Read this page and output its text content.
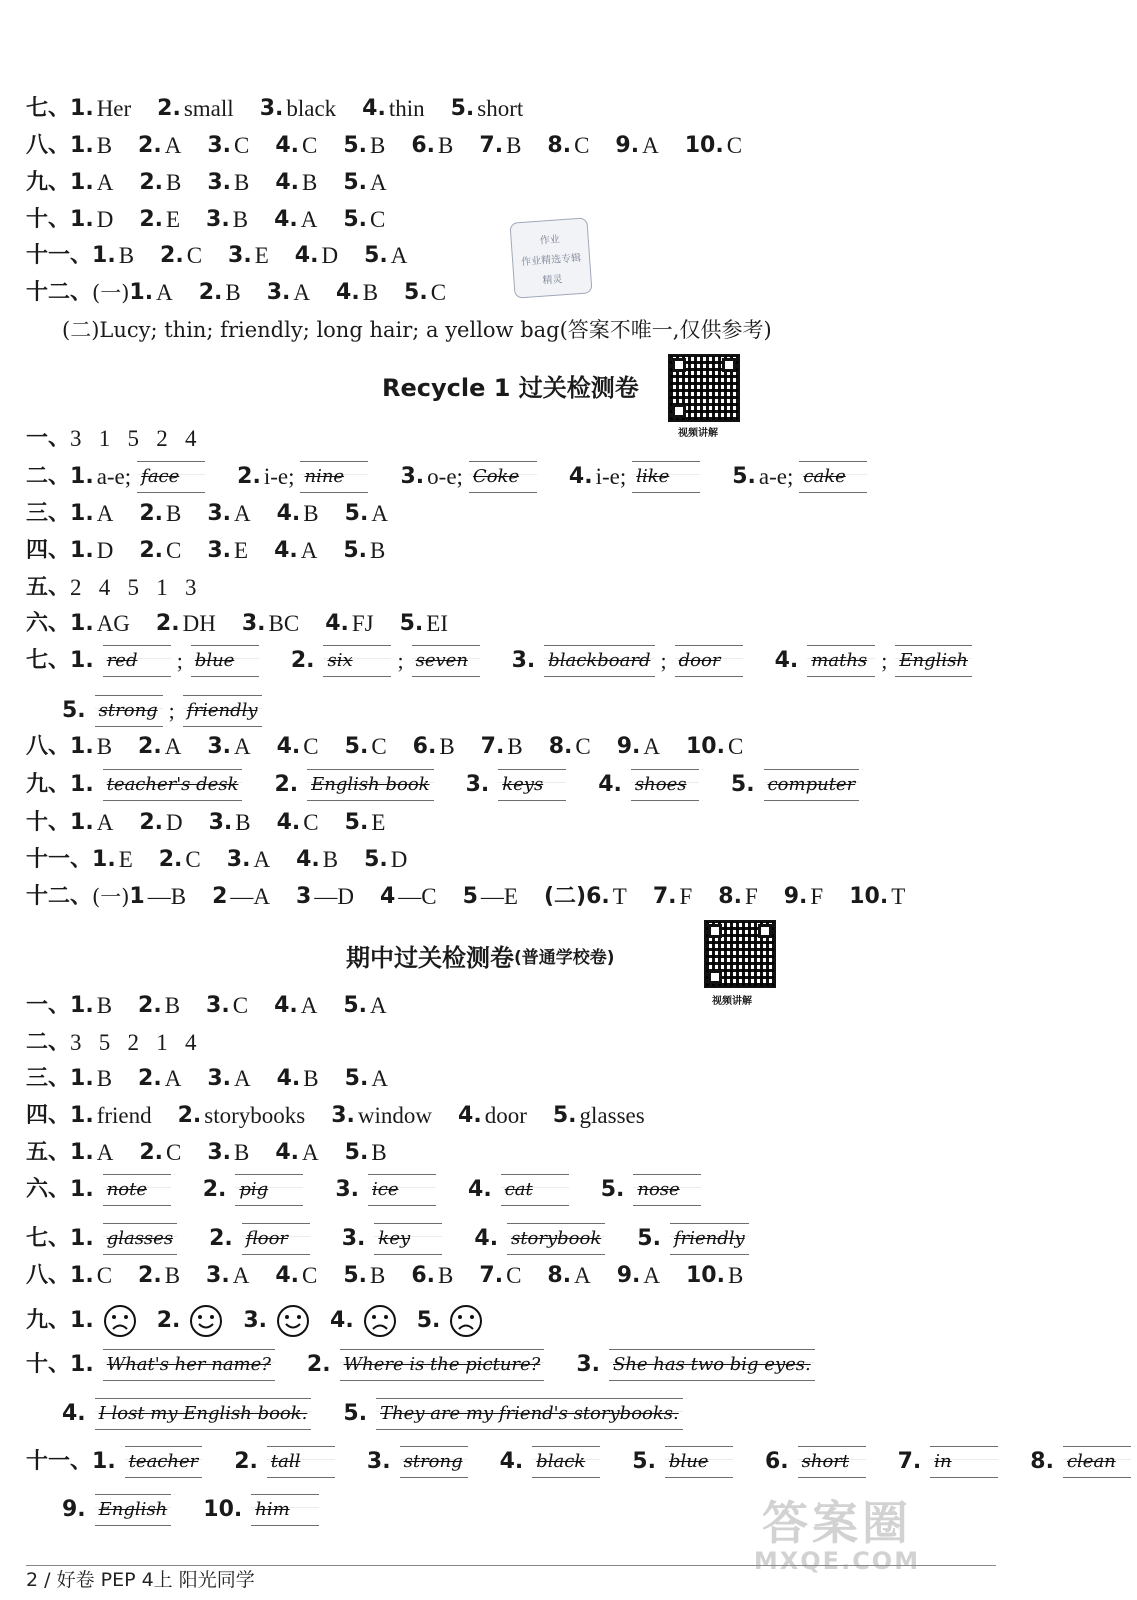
七、 1. Her 2. small 3. black 4. thin 5. short
八、 1. B 2. A 3. C 4. C 5. B 6. B 7. B 8. C 9. A 10. C
九、 1. A 2. B 3. B 4. B 5. A
十、 1. D 2. E 3. B 4. A 5. C
十一、 1. B 2. C 3. E 4. D 5. A
十二、 (一) 1. A 2. B 3. A 4. B 5. C
(二)Lucy; thin; friendly; long hair; a yellow bag(答案不唯一,仅供参考)
一、 3   1   5   2   4
二、 1. a-e; face	2. i-e; nine	3. o-e; Coke	4. i-e; like	5. a-e; cake
三、 1. A 2. B 3. A 4. B 5. A
四、 1. D 2. C 3. E 4. A 5. B
五、 2   4   5   1   3
六、 1. AG 2. DH 3. BC 4. FJ 5. EI
七、 1. red	; blue	2. six	; seven	3. blackboard ; door	4. maths ; English
5. strong ; friendly
八、 1. B 2. A 3. A 4. C 5. C 6. B 7. B 8. C 9. A 10. C
九、 1. teacher's desk 2. English book 3. keys	4. shoes	5. computer
十、 1. A 2. D 3. B 4. C 5. E
十一、 1. E 2. C 3. A 4. B 5. D
十二、 (一) 1 —B 2 —A 3 —D 4 —C 5 —E (二)6. T 7. F 8. F 9. F 10. T
一、 1. B 2. B 3. C 4. A 5. A
二、 3   5   2   1   4
三、 1. B 2. A 3. A 4. B 5. A
四、 1. friend 2. storybooks 3. window 4. door 5. glasses
五、 1. A 2. C 3. B 4. A 5. B
六、 1. note	2. pig	3. ice	4. cat	5. nose
七、 1. glasses 2. floor	3. key	4. storybook 5. friendly
八、 1. C 2. B 3. A 4. C 5. B 6. B 7. C 8. A 9. A 10. B
九、 1.	2.	3.	4.	5.
十、 1. What's her name? 2. Where is the picture? 3. She has two big eyes.
4. I lost my English book. 5. They are my friend's storybooks.
十一、 1. teacher 2. tall	3. strong 4. black	5. blue	6. short	7. in	8. clean
9. English 10. him
作业
作业精选专辑
精灵
Recycle 1 过关检测卷
视频讲解
期中过关检测卷 (普通学校卷)
视频讲解
答案圈
MXQE.COM
2 / 好卷 PEP 4上 阳光同学
